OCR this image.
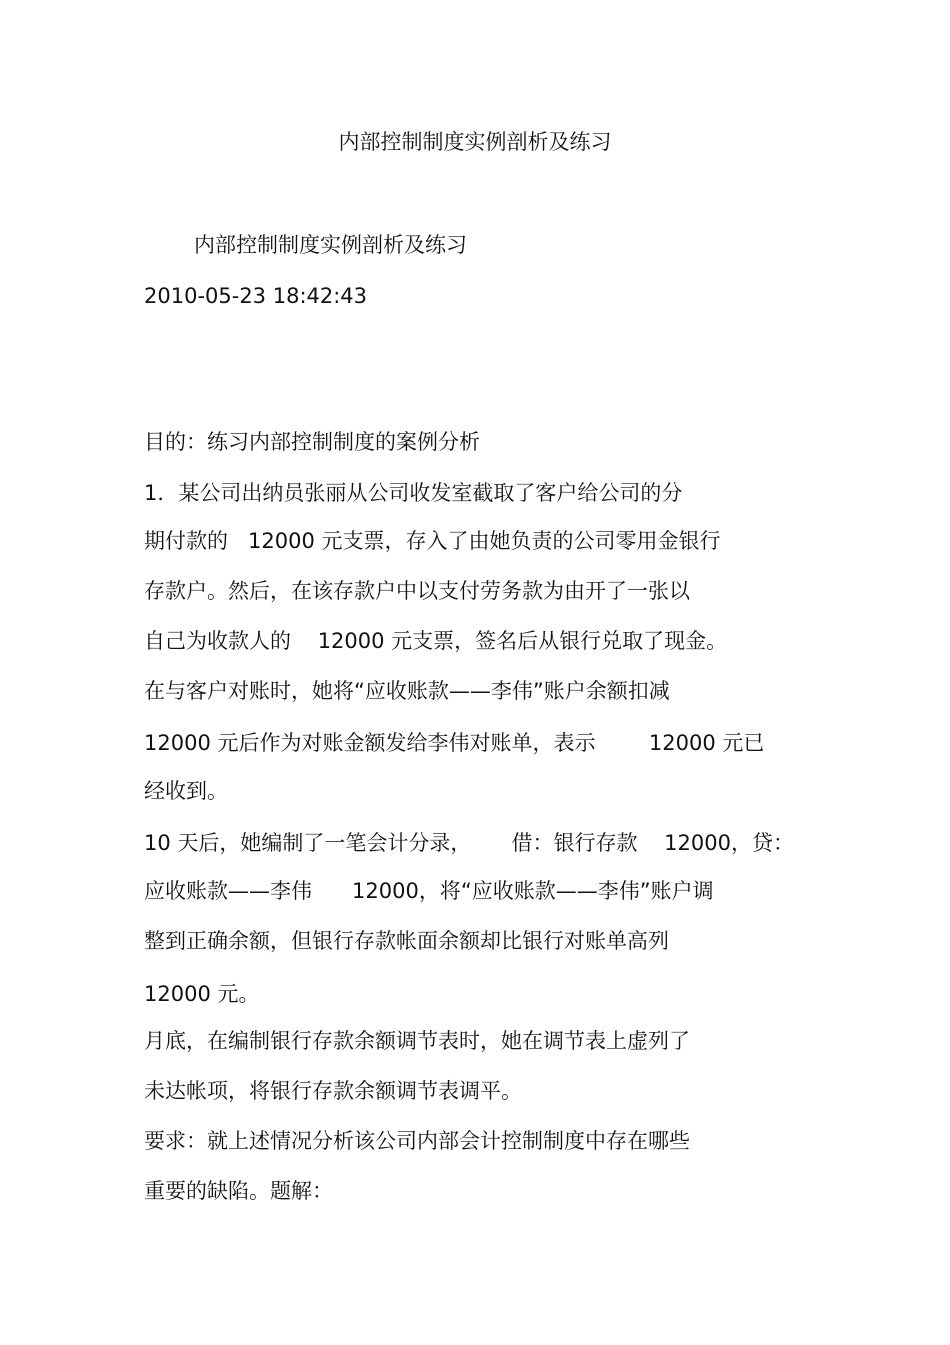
内部控制制度实例剖析及练习
内部控制制度实例剖析及练习
2010-05-23 18:42:43
目的：练习内部控制制度的案例分析
1．某公司出纳员张丽从公司收发室截取了客户给公司的分
期付款的   12000 元支票，存入了由她负责的公司零用金银行
存款户。然后，在该存款户中以支付劳务款为由开了一张以
自己为收款人的    12000 元支票，签名后从银行兑取了现金。
在与客户对账时，她将“应收账款——李伟”账户余额扣减
12000 元后作为对账金额发给李伟对账单，表示        12000 元已
经收到。
10 天后，她编制了一笔会计分录，      借：银行存款    12000，贷：
应收账款——李伟      12000，将“应收账款——李伟”账户调
整到正确余额，但银行存款帐面余额却比银行对账单高列
12000 元。
月底，在编制银行存款余额调节表时，她在调节表上虚列了
未达帐项，将银行存款余额调节表调平。
要求：就上述情况分析该公司内部会计控制制度中存在哪些
重要的缺陷。题解：
